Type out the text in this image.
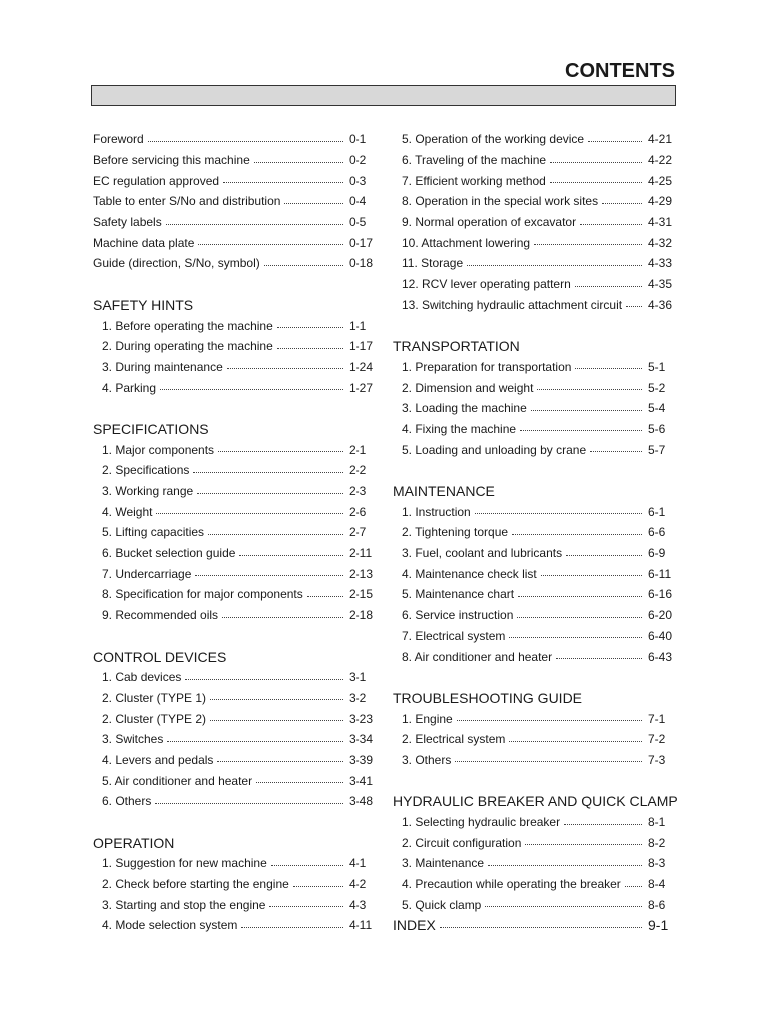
CONTENTS
Foreword	0-1
Before servicing this machine	0-2
EC regulation approved	0-3
Table to enter S/No and distribution	0-4
Safety labels	0-5
Machine data plate	0-17
Guide (direction, S/No, symbol)	0-18
SAFETY HINTS
1. Before operating the machine	1-1
2. During operating the machine	1-17
3. During maintenance	1-24
4. Parking	1-27
SPECIFICATIONS
1. Major components	2-1
2. Specifications	2-2
3. Working range	2-3
4. Weight	2-6
5. Lifting capacities	2-7
6. Bucket selection guide	2-11
7. Undercarriage	2-13
8. Specification for major components	2-15
9. Recommended oils	2-18
CONTROL DEVICES
1. Cab devices	3-1
2. Cluster (TYPE 1)	3-2
2. Cluster (TYPE 2)	3-23
3. Switches	3-34
4. Levers and pedals	3-39
5. Air conditioner and heater	3-41
6. Others	3-48
OPERATION
1. Suggestion for new machine	4-1
2. Check before starting the engine	4-2
3. Starting and stop the engine	4-3
4. Mode selection system	4-11
5. Operation of the working device	4-21
6. Traveling of the machine	4-22
7. Efficient working method	4-25
8. Operation in the special work sites	4-29
9. Normal operation of excavator	4-31
10. Attachment lowering	4-32
11. Storage	4-33
12. RCV lever operating pattern	4-35
13. Switching hydraulic attachment circuit 4-36
TRANSPORTATION
1. Preparation for transportation	5-1
2. Dimension and weight	5-2
3. Loading the machine	5-4
4. Fixing the machine	5-6
5. Loading and unloading by crane	5-7
MAINTENANCE
1. Instruction	6-1
2. Tightening torque	6-6
3. Fuel, coolant and lubricants	6-9
4. Maintenance check list	6-11
5. Maintenance chart	6-16
6. Service instruction	6-20
7. Electrical system	6-40
8. Air conditioner and heater	6-43
TROUBLESHOOTING GUIDE
1. Engine	7-1
2. Electrical system	7-2
3. Others	7-3
HYDRAULIC BREAKER AND QUICK CLAMP
1. Selecting hydraulic breaker	8-1
2. Circuit configuration	8-2
3. Maintenance	8-3
4. Precaution while operating the breaker 8-4
5. Quick clamp	8-6
INDEX	9-1
